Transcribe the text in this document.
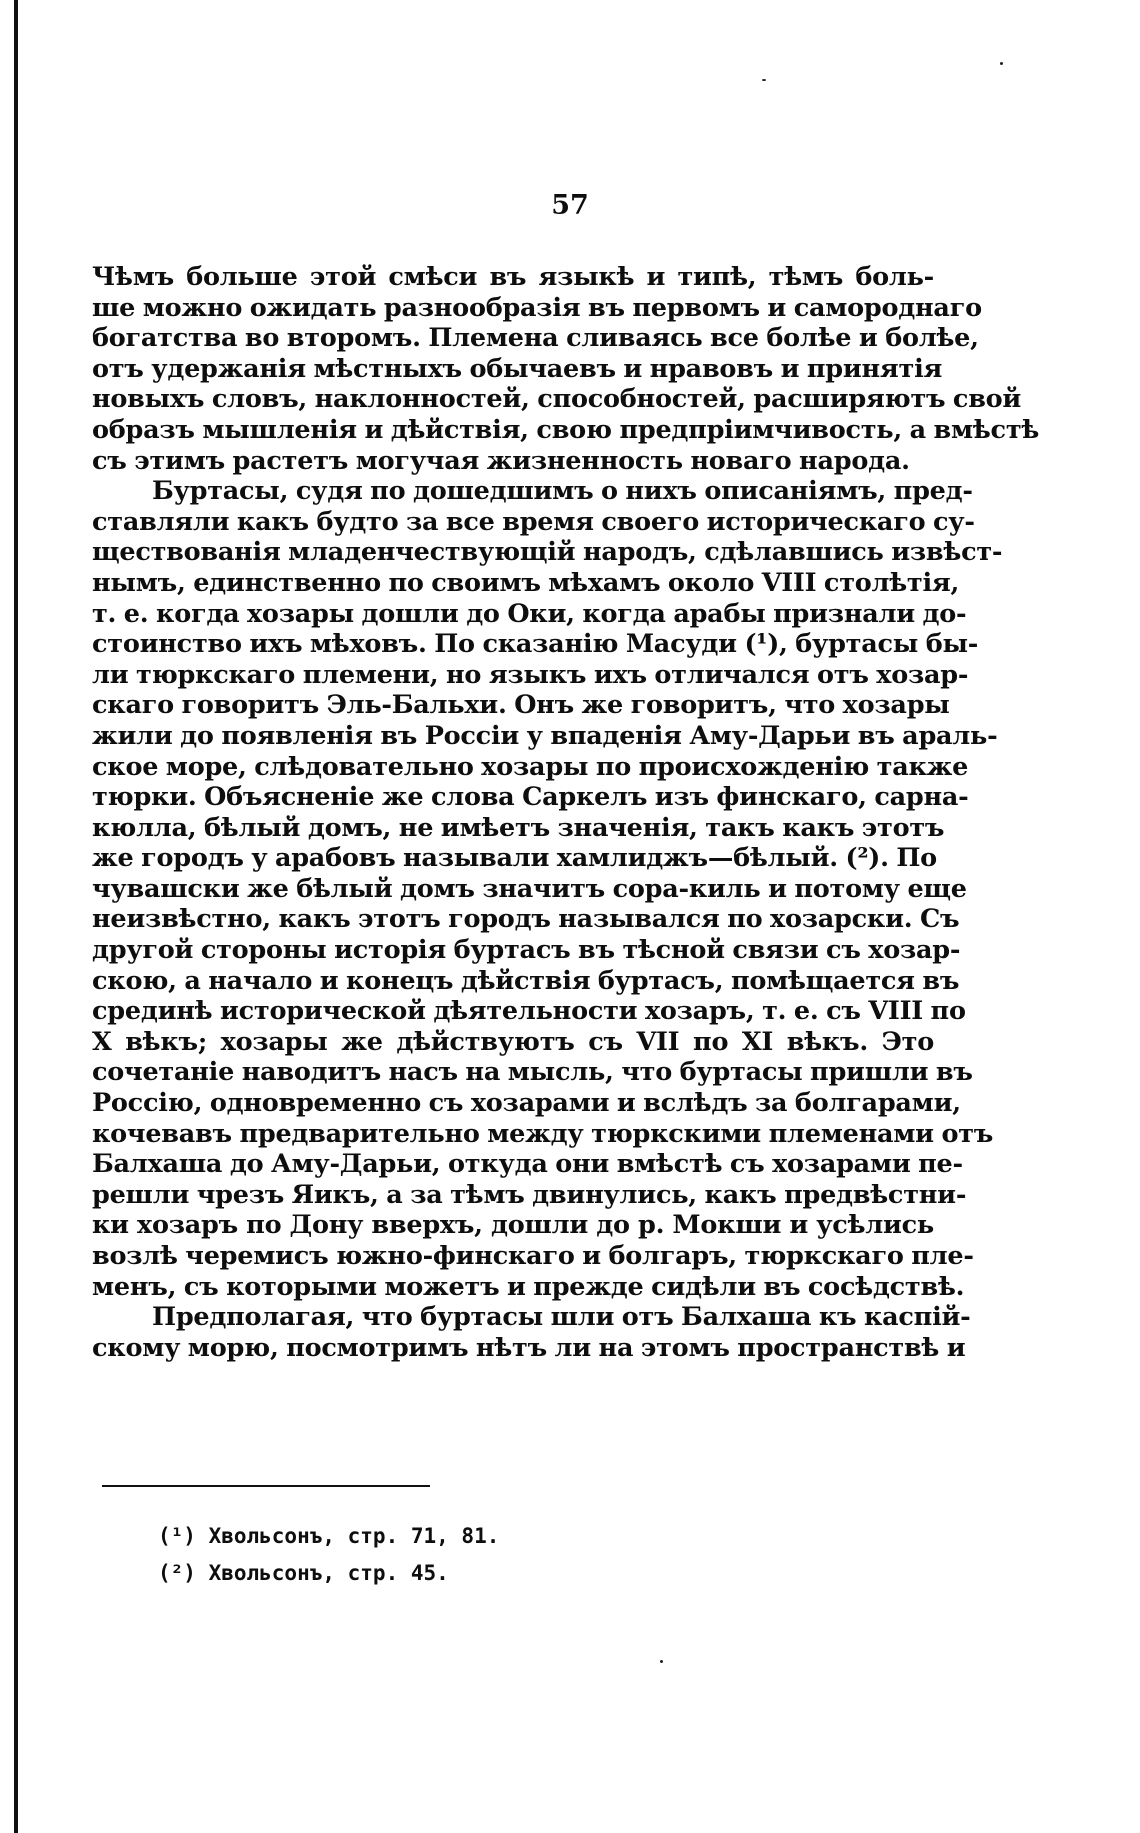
57
Чѣмъ больше этой смѣси въ языкѣ и типѣ, тѣмъ боль-
ше можно ожидать разнообразія въ первомъ и самороднаго
богатства во второмъ. Племена сливаясь все болѣе и болѣе,
отъ удержанія мѣстныхъ обычаевъ и нравовъ и принятія
новыхъ словъ, наклонностей, способностей, расширяютъ свой
образъ мышленія и дѣйствія, свою предпріимчивость, а вмѣстѣ
съ этимъ растетъ могучая жизненность новаго народа.
Буртасы, судя по дошедшимъ о нихъ описаніямъ, пред-
ставляли какъ будто за все время своего историческаго су-
ществованія младенчествующій народъ, сдѣлавшись извѣст-
нымъ, единственно по своимъ мѣхамъ около VIII столѣтія,
т. е. когда хозары дошли до Оки, когда арабы признали до-
стоинство ихъ мѣховъ. По сказанію Масуди (¹), буртасы бы-
ли тюркскаго племени, но языкъ ихъ отличался отъ хозар-
скаго говоритъ Эль-Бальхи. Онъ же говоритъ, что хозары
жили до появленія въ Россіи у впаденія Аму-Дарьи въ араль-
ское море, слѣдовательно хозары по происхожденію также
тюрки. Объясненіе же слова Саркелъ изъ финскаго, сарна-
кюлла, бѣлый домъ, не имѣетъ значенія, такъ какъ этотъ
же городъ у арабовъ называли хамлиджъ—бѣлый. (²). По
чувашски же бѣлый домъ значитъ сора-киль и потому еще
неизвѣстно, какъ этотъ городъ назывался по хозарски. Съ
другой стороны исторія буртасъ въ тѣсной связи съ хозар-
скою, а начало и конецъ дѣйствія буртасъ, помѣщается въ
срединѣ исторической дѣятельности хозаръ, т. е. съ VIII по
X вѣкъ; хозары же дѣйствуютъ съ VII по XI вѣкъ. Это
сочетаніе наводитъ насъ на мысль, что буртасы пришли въ
Россію, одновременно съ хозарами и вслѣдъ за болгарами,
кочевавъ предварительно между тюркскими племенами отъ
Балхаша до Аму-Дарьи, откуда они вмѣстѣ съ хозарами пе-
решли чрезъ Яикъ, а за тѣмъ двинулись, какъ предвѣстни-
ки хозаръ по Дону вверхъ, дошли до р. Мокши и усѣлись
возлѣ черемисъ южно-финскаго и болгаръ, тюркскаго пле-
менъ, съ которыми можетъ и прежде сидѣли въ сосѣдствѣ.
Предполагая, что буртасы шли отъ Балхаша къ каспій-
скому морю, посмотримъ нѣтъ ли на этомъ пространствѣ и
(¹) Хвольсонъ, стр. 71, 81.
(²) Хвольсонъ, стр. 45.
